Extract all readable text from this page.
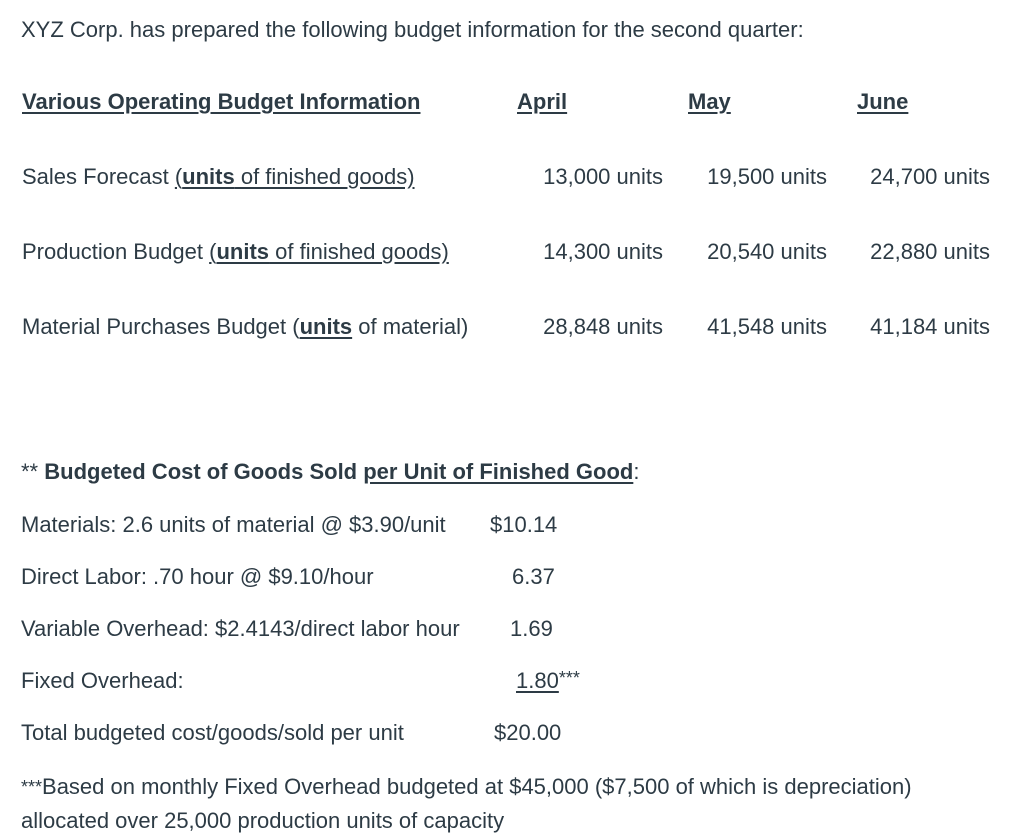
XYZ Corp. has prepared the following budget information for the second quarter:
Various Operating Budget Information	April	May	June
Sales Forecast (units of finished goods)	13,000 units 19,500 units 24,700 units
Production Budget (units of finished goods)	14,300 units 20,540 units 22,880 units
Material Purchases Budget (units of material)	28,848 units 41,548 units 41,184 units
** Budgeted Cost of Goods Sold per Unit of Finished Good:
Materials: 2.6 units of material @ $3.90/unit $10.14
Direct Labor: .70 hour @ $9.10/hour	6.37
Variable Overhead: $2.4143/direct labor hour 1.69
Fixed Overhead:	1.80***
Total budgeted cost/goods/sold per unit	$20.00
***Based on monthly Fixed Overhead budgeted at $45,000 ($7,500 of which is depreciation)
allocated over 25,000 production units of capacity
